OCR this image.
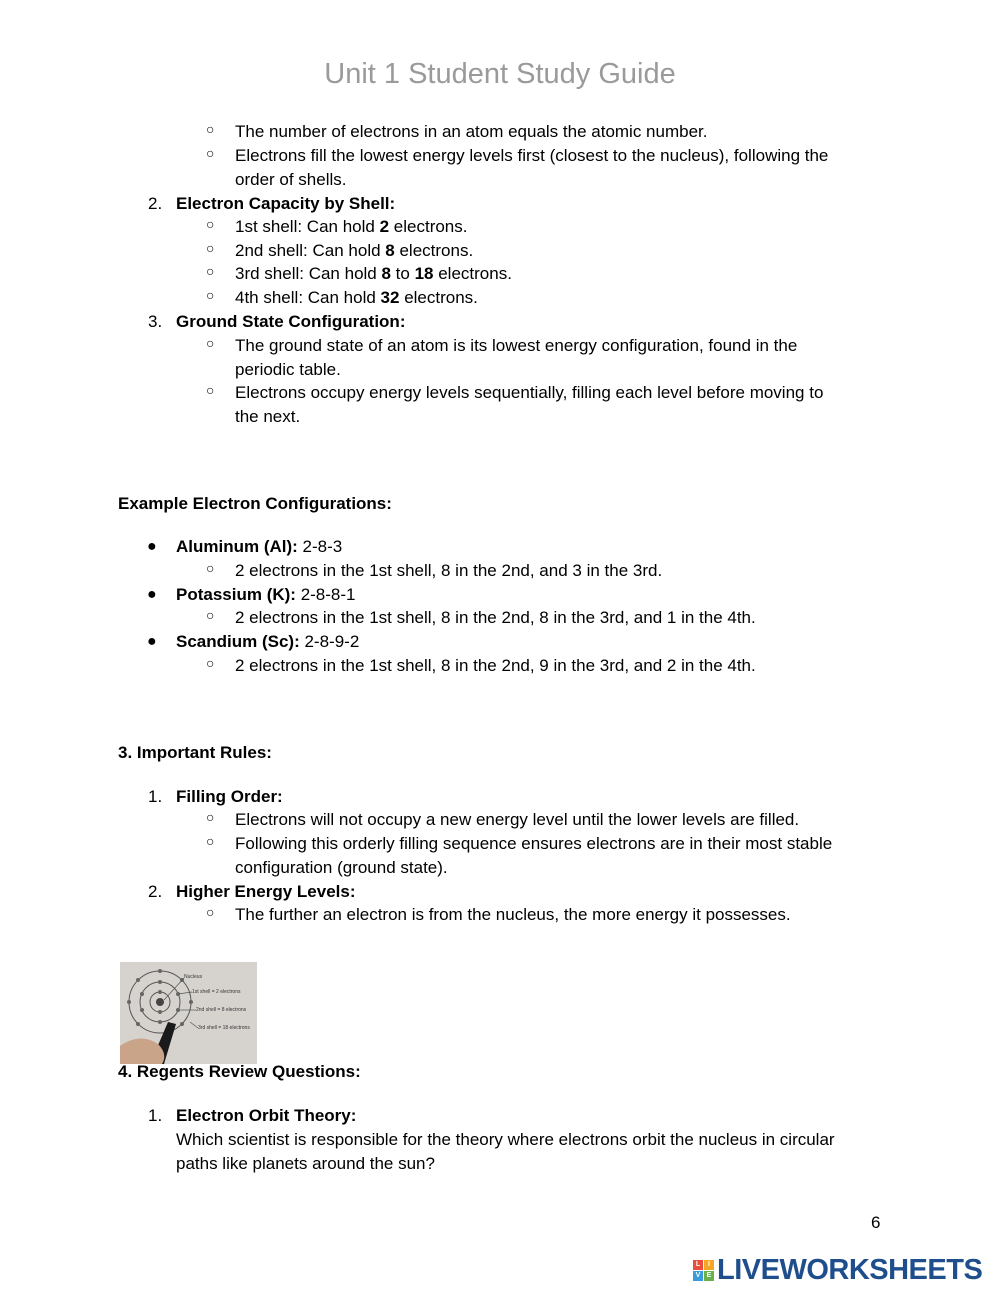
Unit 1 Student Study Guide
○ The number of electrons in an atom equals the atomic number.
○ Electrons fill the lowest energy levels first (closest to the nucleus), following the
order of shells.
2. Electron Capacity by Shell:
○ 1st shell: Can hold 2 electrons.
○ 2nd shell: Can hold 8 electrons.
○ 3rd shell: Can hold 8 to 18 electrons.
○ 4th shell: Can hold 32 electrons.
3. Ground State Configuration:
○ The ground state of an atom is its lowest energy configuration, found in the
periodic table.
○ Electrons occupy energy levels sequentially, filling each level before moving to
the next.
Example Electron Configurations:
● Aluminum (Al): 2-8-3
○ 2 electrons in the 1st shell, 8 in the 2nd, and 3 in the 3rd.
● Potassium (K): 2-8-8-1
○ 2 electrons in the 1st shell, 8 in the 2nd, 8 in the 3rd, and 1 in the 4th.
● Scandium (Sc): 2-8-9-2
○ 2 electrons in the 1st shell, 8 in the 2nd, 9 in the 3rd, and 2 in the 4th.
3. Important Rules:
1. Filling Order:
○ Electrons will not occupy a new energy level until the lower levels are filled.
○ Following this orderly filling sequence ensures electrons are in their most stable
configuration (ground state).
2. Higher Energy Levels:
○ The further an electron is from the nucleus, the more energy it possesses.
Nucleus
1st shell = 2 electrons
2nd shell = 8 electrons
3rd shell = 18 electrons
4. Regents Review Questions:
1. Electron Orbit Theory:
Which scientist is responsible for the theory where electrons orbit the nucleus in circular
paths like planets around the sun?
6
L	I
V E LIVEWORKSHEETS
